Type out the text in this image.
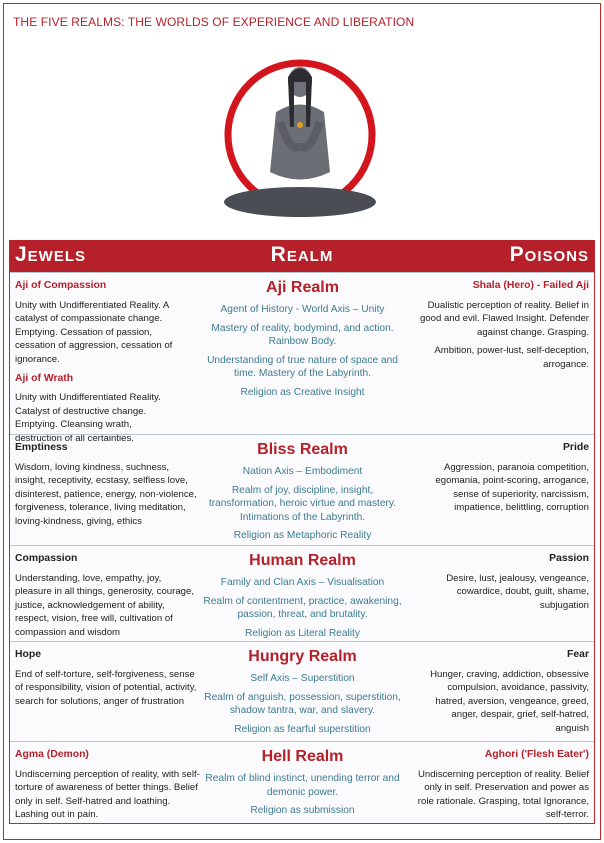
THE FIVE REALMS: THE WORLDS OF EXPERIENCE AND LIBERATION
Jewels	Realm	Poisons
Aji of Compassion

Unity with Undifferentiated Reality. A catalyst of compassionate change. Emptying. Cessation of passion, cessation of aggression, cessation of ignorance.

Aji of Wrath

Unity with Undifferentiated Reality. Catalyst of destructive change. Emptying. Cleansing wrath, destruction of all certainties.

Aji Realm

Agent of History - World Axis – Unity

Mastery of reality, bodymind, and action. Rainbow Body.

Understanding of true nature of space and time. Mastery of the Labyrinth.

Religion as Creative Insight

Shala (Hero) - Failed Aji

Dualistic perception of reality. Belief in good and evil. Flawed Insight. Defender against change. Grasping.

Ambition, power-lust, self-deception, arrogance.

Emptiness

Wisdom, loving kindness, suchness, insight, receptivity, ecstasy, selfless love, disinterest, patience, energy, non-violence, forgiveness, tolerance, living meditation, loving-kindness, giving, ethics

Bliss Realm

Nation Axis – Embodiment

Realm of joy, discipline, insight, transformation, heroic virtue and mastery. Intimations of the Labyrinth.

Religion as Metaphoric Reality

Pride

Aggression, paranoia competition, egomania, point-scoring, arrogance, sense of superiority, narcissism, impatience, belittling, corruption

Compassion

Understanding, love, empathy, joy, pleasure in all things, generosity, courage, justice, acknowledgement of ability, respect, vision, free will, cultivation of compassion and wisdom

Human Realm

Family and Clan Axis – Visualisation

Realm of contentment, practice, awakening, passion, threat, and brutality.

Religion as Literal Reality

Passion

Desire, lust, jealousy, vengeance, cowardice, doubt, guilt, shame, subjugation

Hope

End of self-torture, self-forgiveness, sense of responsibility, vision of potential, activity, search for solutions, anger of frustration

Hungry Realm

Self Axis – Superstition

Realm of anguish, possession, superstition, shadow tantra, war, and slavery.

Religion as fearful superstition

Fear

Hunger, craving, addiction, obsessive compulsion, avoidance, passivity, hatred, aversion, vengeance, greed, anger, despair, grief, self-hatred, anguish

Agma (Demon)

Undiscerning perception of reality, with self-torture of awareness of better things. Belief only in self. Self-hatred and loathing. Lashing out in pain.

Hell Realm

Realm of blind instinct, unending terror and demonic power.

Religion as submission

Aghori ('Flesh Eater')

Undiscerning perception of reality. Belief only in self. Preservation and power as role rationale. Grasping, total Ignorance, self-terror.
